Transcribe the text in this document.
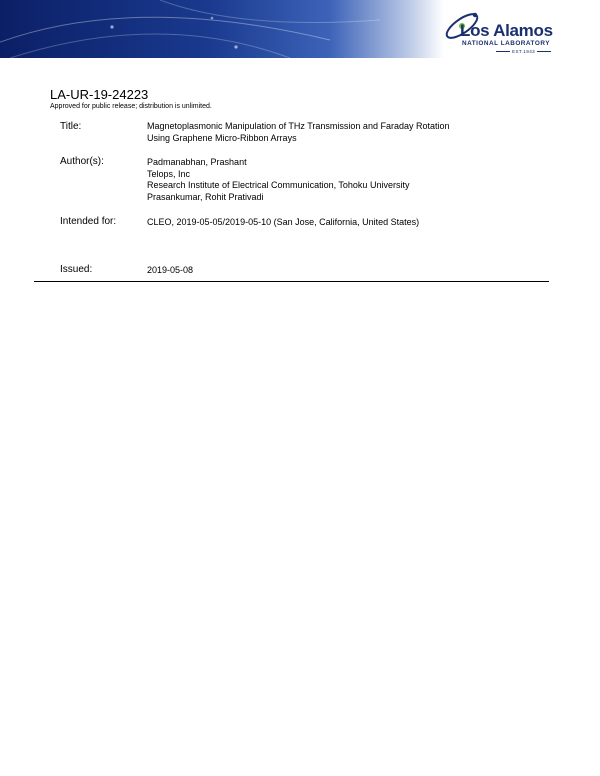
Los Alamos
NATIONAL LABORATORY
EST.1943
LA-UR-19-24223
Approved for public release; distribution is unlimited.
Title:	Magnetoplasmonic Manipulation of THz Transmission and Faraday Rotation
Using Graphene Micro-Ribbon Arrays
Author(s):	Padmanabhan, Prashant
Telops, Inc
Research Institute of Electrical Communication, Tohoku University
Prasankumar, Rohit Prativadi
Intended for:	CLEO, 2019-05-05/2019-05-10 (San Jose, California, United States)
Issued:	2019-05-08
